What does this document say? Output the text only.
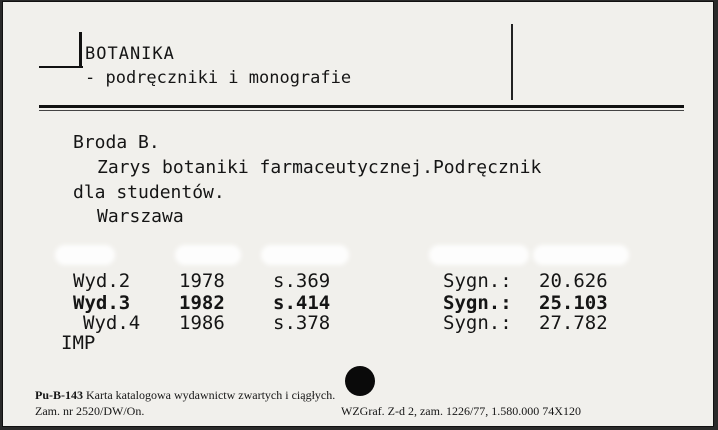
BOTANIKA
- podręczniki i monografie
Broda B.
Zarys botaniki farmaceutycznej.Podręcznik
dla studentów.
Warszawa
Wyd.2	1978	s.369	Sygn.: 20.626
Wyd.3	1982	s.414	Sygn.: 25.103
Wyd.4 1986	s.378	Sygn.: 27.782
IMP
Pu-B-143 Karta katalogowa wydawnictw zwartych i ciągłych.
Zam. nr 2520/DW/On.	WZGraf. Z-d 2, zam. 1226/77, 1.580.000 74X120
